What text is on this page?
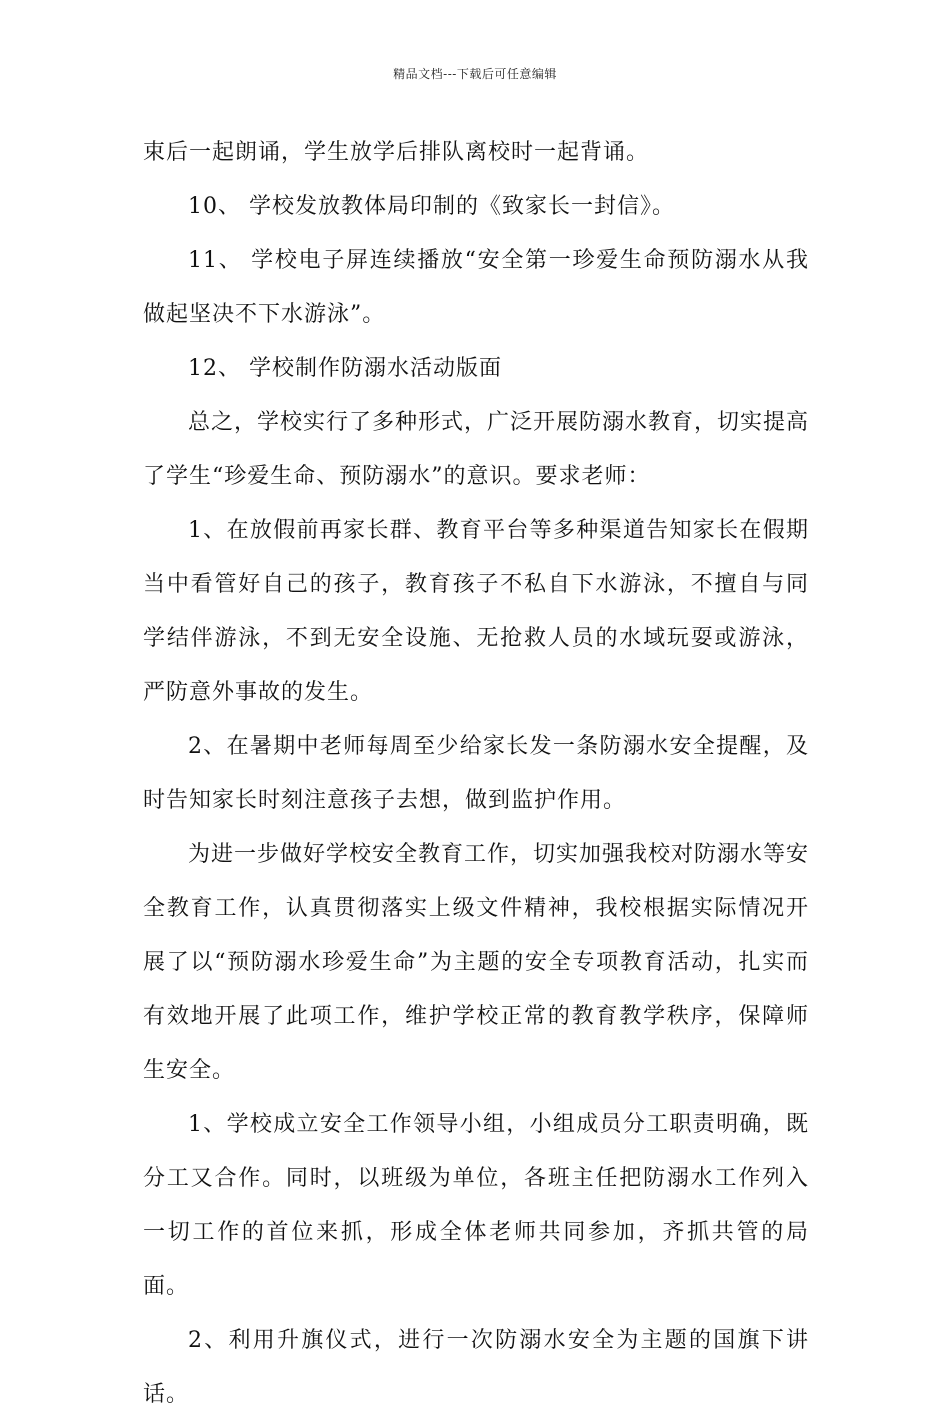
精品文档---下载后可任意编辑

束后一起朗诵，学生放学后排队离校时一起背诵。

10、 学校发放教体局印制的《致家长一封信》。

11、 学校电子屏连续播放“安全第一珍爱生命预防溺水从我做起坚决不下水游泳”。

12、 学校制作防溺水活动版面

总之，学校实行了多种形式，广泛开展防溺水教育，切实提高了学生“珍爱生命、预防溺水”的意识。要求老师：

1、在放假前再家长群、教育平台等多种渠道告知家长在假期当中看管好自己的孩子，教育孩子不私自下水游泳，不擅自与同学结伴游泳，不到无安全设施、无抢救人员的水域玩耍或游泳，严防意外事故的发生。

2、在暑期中老师每周至少给家长发一条防溺水安全提醒，及时告知家长时刻注意孩子去想，做到监护作用。

为进一步做好学校安全教育工作，切实加强我校对防溺水等安全教育工作，认真贯彻落实上级文件精神，我校根据实际情况开展了以“预防溺水珍爱生命”为主题的安全专项教育活动，扎实而有效地开展了此项工作，维护学校正常的教育教学秩序，保障师生安全。

1、学校成立安全工作领导小组，小组成员分工职责明确，既分工又合作。同时，以班级为单位，各班主任把防溺水工作列入一切工作的首位来抓，形成全体老师共同参加，齐抓共管的局面。

2、利用升旗仪式，进行一次防溺水安全为主题的国旗下讲话。
